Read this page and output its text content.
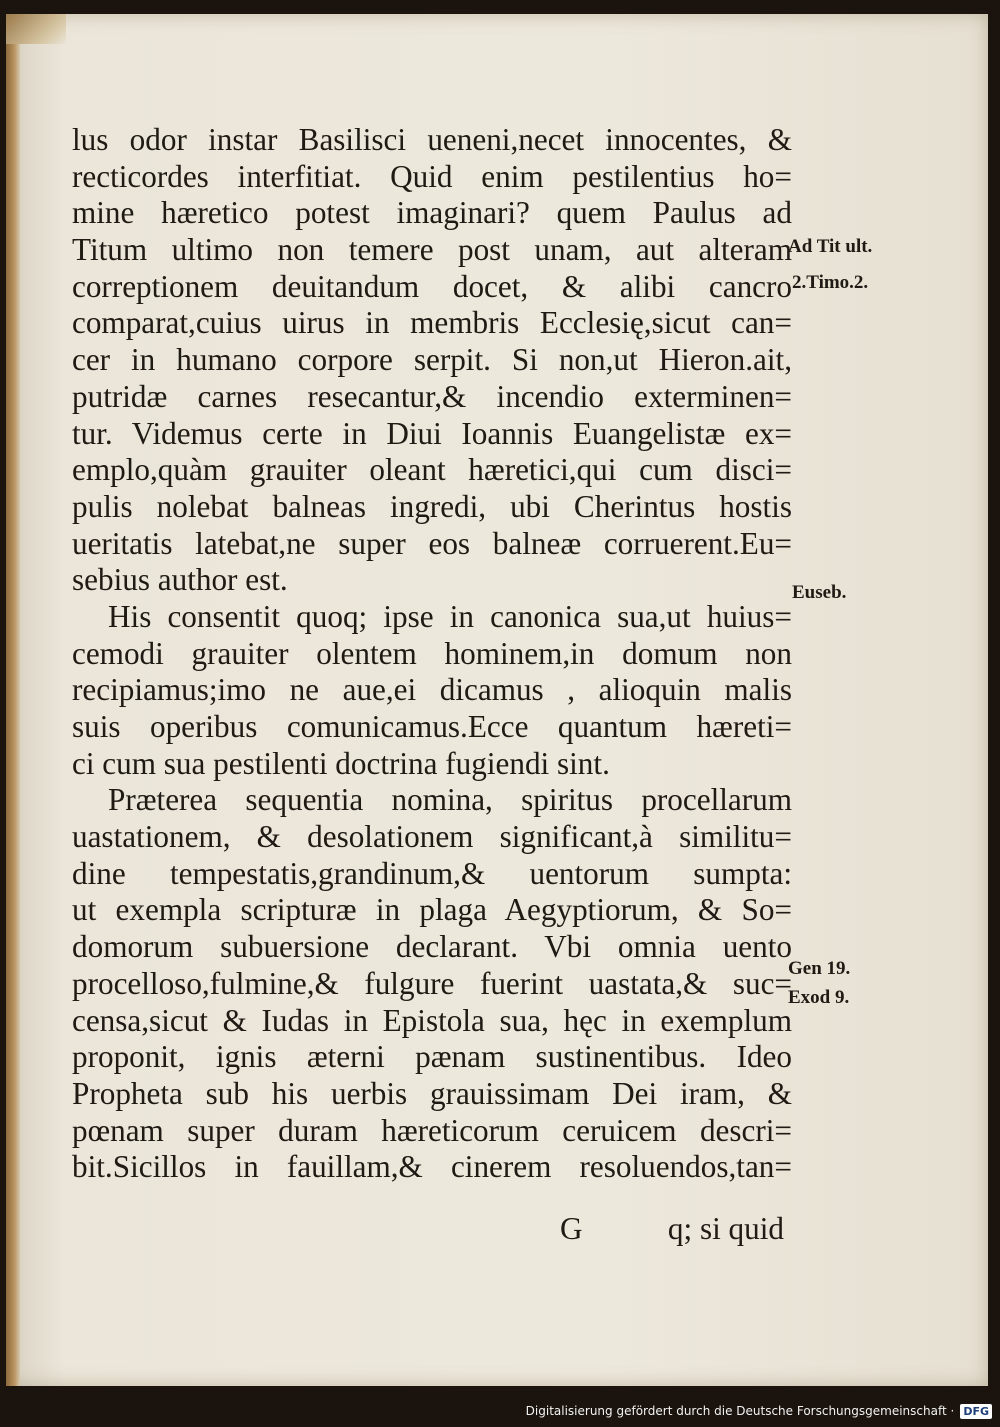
lus odor instar Basilisci ueneni,necet innocentes, &
recticordes interfitiat. Quid enim pestilentius ho=
mine hæretico potest imaginari? quem Paulus ad
Titum ultimo non temere post unam, aut alteram
correptionem deuitandum docet, & alibi cancro
comparat,cuius uirus in membris Ecclesię,sicut can=
cer in humano corpore serpit. Si non,ut Hieron.ait,
putridæ carnes resecantur,& incendio exterminen=
tur. Videmus certe in Diui Ioannis Euangelistæ ex=
emplo,quàm grauiter oleant hæretici,qui cum disci=
pulis nolebat balneas ingredi, ubi Cherintus hostis
ueritatis latebat,ne super eos balneæ corruerent.Eu=
sebius author est.
His consentit quoq; ipse in canonica sua,ut huius=
cemodi grauiter olentem hominem,in domum non
recipiamus;imo ne aue,ei dicamus , alioquin malis
suis operibus comunicamus.Ecce quantum hæreti=
ci cum sua pestilenti doctrina fugiendi sint.
Præterea sequentia nomina, spiritus procellarum
uastationem, & desolationem significant,à similitu=
dine tempestatis,grandinum,& uentorum sumpta:
ut exempla scripturæ in plaga Aegyptiorum, & So=
domorum subuersione declarant. Vbi omnia uento
procelloso,fulmine,& fulgure fuerint uastata,& suc=
censa,sicut & Iudas in Epistola sua, hęc in exemplum
proponit, ignis æterni pænam sustinentibus. Ideo
Propheta sub his uerbis grauissimam Dei iram, &
pœnam super duram hæreticorum ceruicem descri=
bit.Sicillos in fauillam,& cinerem resoluendos,tan=
G	q; si quid
Ad Tit ult.
2.Timo.2.
Euseb.
Gen 19.
Exod 9.
Digitalisierung gefördert durch die Deutsche Forschungsgemeinschaft · DFG
